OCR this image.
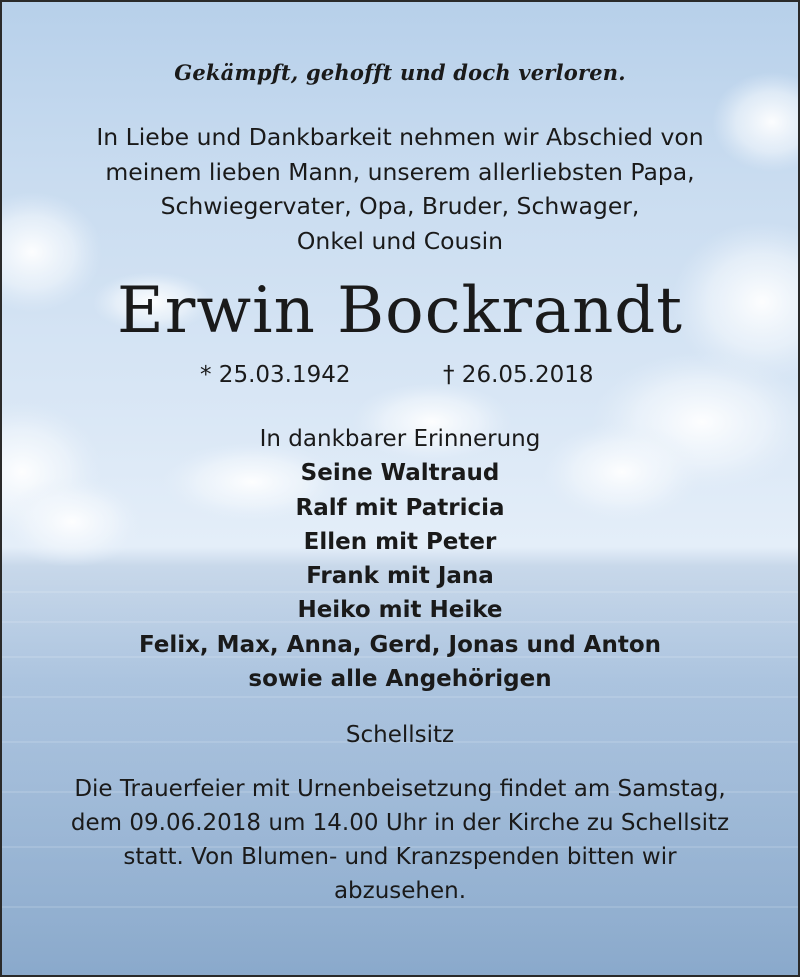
Gekämpft, gehofft und doch verloren.
In Liebe und Dankbarkeit nehmen wir Abschied von
meinem lieben Mann, unserem allerliebsten Papa,
Schwiegervater, Opa, Bruder, Schwager,
Onkel und Cousin
Erwin Bockrandt
* 25.03.1942	† 26.05.2018
In dankbarer Erinnerung
Seine Waltraud
Ralf mit Patricia
Ellen mit Peter
Frank mit Jana
Heiko mit Heike
Felix, Max, Anna, Gerd, Jonas und Anton
sowie alle Angehörigen
Schellsitz
Die Trauerfeier mit Urnenbeisetzung findet am Samstag,
dem 09.06.2018 um 14.00 Uhr in der Kirche zu Schellsitz
statt. Von Blumen- und Kranzspenden bitten wir
abzusehen.
